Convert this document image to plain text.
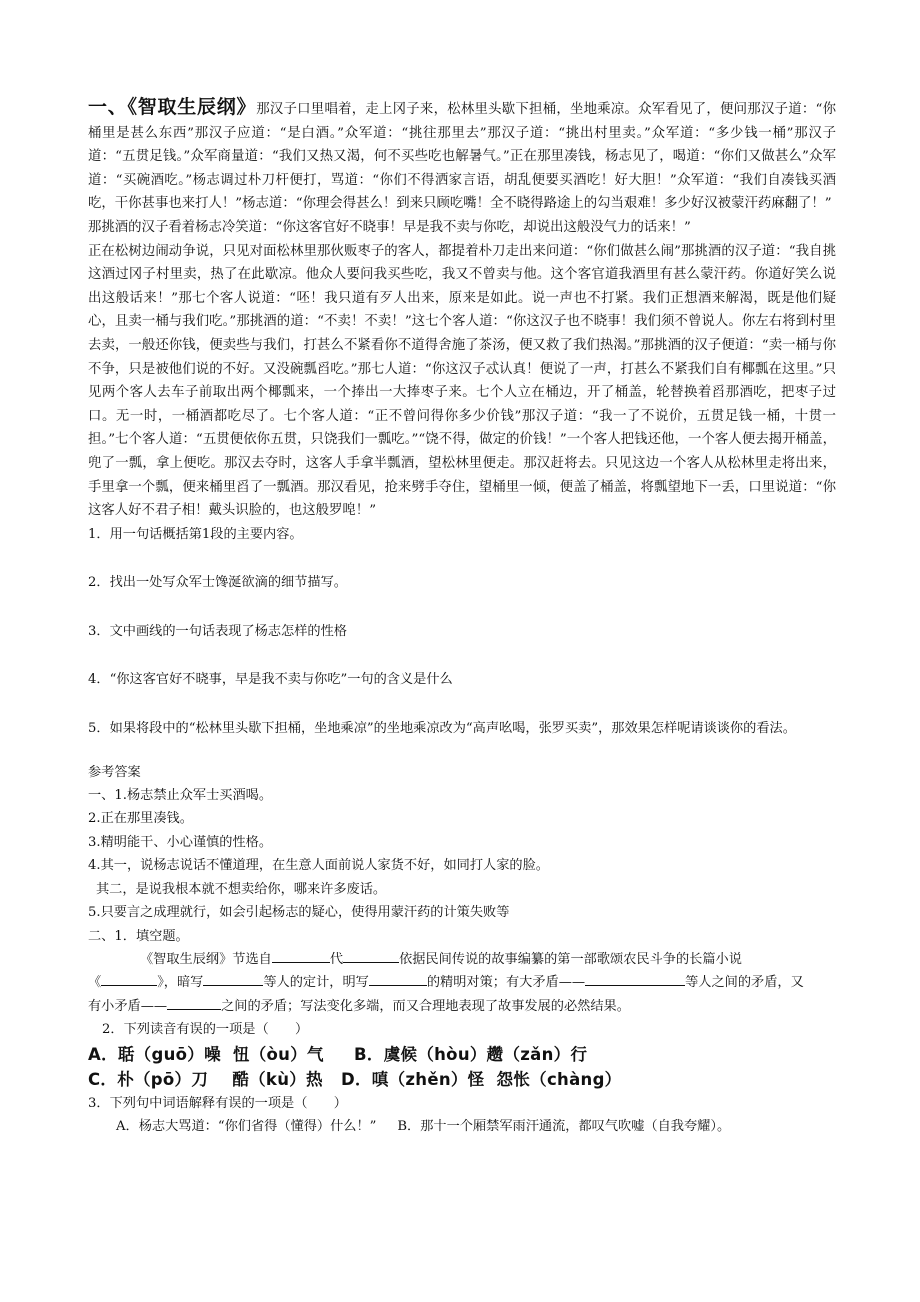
一、《智取生辰纲》那汉子口里唱着，走上冈子来，松林里头歇下担桶，坐地乘凉。众军看见了，便问那汉子道：“你桶里是甚么东西”那汉子应道：“是白酒。”众军道：“挑往那里去”那汉子道：“挑出村里卖。”众军道：“多少钱一桶”那汉子道：“五贯足钱。”众军商量道：“我们又热又渴，何不买些吃也解暑气。”正在那里凑钱，杨志见了，喝道：“你们又做甚么”众军道：“买碗酒吃。”杨志调过朴刀杆便打，骂道：“你们不得洒家言语，胡乱便要买酒吃！好大胆！”众军道：“我们自凑钱买酒吃，干你甚事也来打人！”杨志道：“你理会得甚么！到来只顾吃嘴！全不晓得路途上的勾当艰难！多少好汉被蒙汗药麻翻了！”

那挑酒的汉子看着杨志冷笑道：“你这客官好不晓事！早是我不卖与你吃，却说出这般没气力的话来！”

正在松树边闹动争说，只见对面松林里那伙贩枣子的客人，都提着朴刀走出来问道：“你们做甚么闹”那挑酒的汉子道：“我自挑这酒过冈子村里卖，热了在此歇凉。他众人要问我买些吃，我又不曾卖与他。这个客官道我酒里有甚么蒙汗药。你道好笑么说出这般话来！”那七个客人说道：“呸！我只道有歹人出来，原来是如此。说一声也不打紧。我们正想酒来解渴，既是他们疑心，且卖一桶与我们吃。”那挑酒的道：“不卖！不卖！”这七个客人道：“你这汉子也不晓事！我们须不曾说人。你左右将到村里去卖，一般还你钱，便卖些与我们，打甚么不紧看你不道得舍施了茶汤，便又救了我们热渴。”那挑酒的汉子便道：“卖一桶与你不争，只是被他们说的不好。又没碗瓢舀吃。”那七人道：“你这汉子忒认真！便说了一声，打甚么不紧我们自有椰瓢在这里。”只见两个客人去车子前取出两个椰瓢来，一个捧出一大捧枣子来。七个人立在桶边，开了桶盖，轮替换着舀那酒吃，把枣子过口。无一时，一桶酒都吃尽了。七个客人道：“正不曾问得你多少价钱”那汉子道：“我一了不说价，五贯足钱一桶，十贯一担。”七个客人道：“五贯便依你五贯，只饶我们一瓢吃。”“饶不得，做定的价钱！”一个客人把钱还他，一个客人便去揭开桶盖，兜了一瓢，拿上便吃。那汉去夺时，这客人手拿半瓢酒，望松林里便走。那汉赶将去。只见这边一个客人从松林里走将出来，手里拿一个瓢，便来桶里舀了一瓢酒。那汉看见，抢来劈手夺住，望桶里一倾，便盖了桶盖，将瓢望地下一丢，口里说道：“你这客人好不君子相！戴头识脸的，也这般罗唣！”

1．用一句话概括第1段的主要内容。

2．找出一处写众军士馋涎欲滴的细节描写。

3．文中画线的一句话表现了杨志怎样的性格

4．“你这客官好不晓事，早是我不卖与你吃”一句的含义是什么

5．如果将段中的“松林里头歇下担桶，坐地乘凉”的坐地乘凉改为“高声吆喝，张罗买卖”，那效果怎样呢请谈谈你的看法。

参考答案

一、1.杨志禁止众军士买酒喝。

2.正在那里凑钱。

3.精明能干、小心谨慎的性格。

4.其一，说杨志说话不懂道理，在生意人面前说人家货不好，如同打人家的脸。

其二，是说我根本就不想卖给你，哪来许多废话。

5.只要言之成理就行，如会引起杨志的疑心，使得用蒙汗药的计策失败等

二、1．填空题。

《智取生辰纲》节选自	代	依据民间传说的故事编纂的第一部歌颂农民斗争的长篇小说

《	》，暗写	等人的定计，明写	的精明对策；有大矛盾——	等人之间的矛盾，又

有小矛盾——	之间的矛盾；写法变化多端，而又合理地表现了故事发展的必然结果。

2．下列读音有误的一项是（　　）

A．聒（guō）噪  忸（òu）气     B．虞候（hòu）趱（zǎn）行

C．朴（pō）刀    酷（kù）热   D．嗔（zhěn）怪  怨怅（chàng）

3．下列句中词语解释有误的一项是（　　）

A．杨志大骂道：“你们省得（懂得）什么！” B．那十一个厢禁军雨汗通流，都叹气吹嘘（自我夸耀）。
